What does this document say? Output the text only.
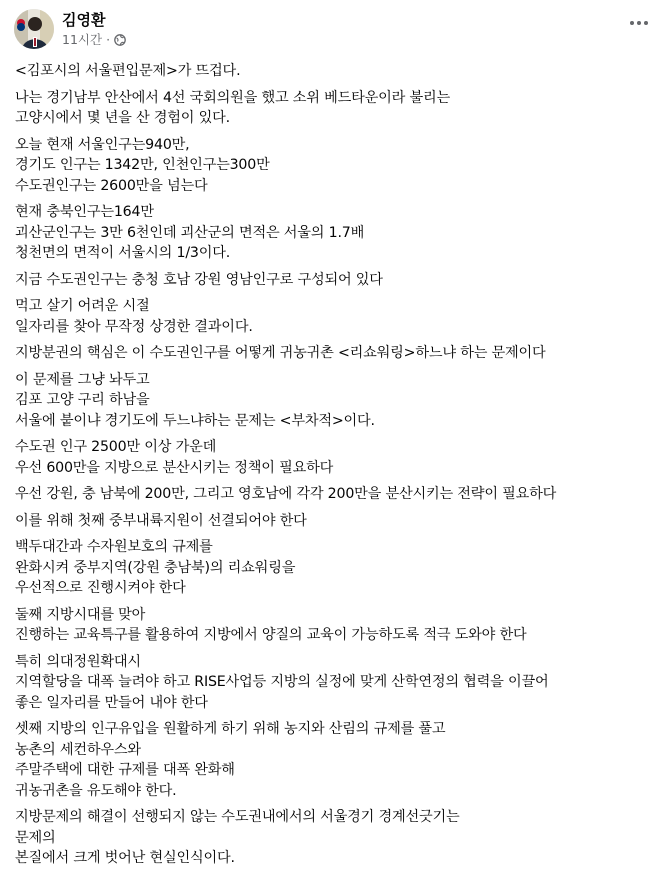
김영환
11시간 ·
<김포시의 서울편입문제>가 뜨겁다.
나는 경기남부 안산에서 4선 국회의원을 했고 소위 베드타운이라 불리는
고양시에서 몇 년을 산 경험이 있다.
오늘 현재 서울인구는940만,
경기도 인구는 1342만, 인천인구는300만
수도권인구는 2600만을 넘는다
현재 충북인구는164만
괴산군인구는 3만 6천인데 괴산군의 면적은 서울의 1.7배
청천면의 면적이 서울시의 1/3이다.
지금 수도권인구는 충청 호남 강원 영남인구로 구성되어 있다
먹고 살기 어려운 시절
일자리를 찾아 무작정 상경한 결과이다.
지방분권의 핵심은 이 수도권인구를 어떻게 귀농귀촌 <리쇼워링>하느냐 하는 문제이다
이 문제를 그냥 놔두고
김포 고양 구리 하남을
서울에 붙이냐 경기도에 두느냐하는 문제는 <부차적>이다.
수도권 인구 2500만 이상 가운데
우선 600만을 지방으로 분산시키는 정책이 필요하다
우선 강원, 충 남북에 200만, 그리고 영호남에 각각 200만을 분산시키는 전략이 필요하다
이를 위해 첫째 중부내륙지원이 선결되어야 한다
백두대간과 수자원보호의 규제를
완화시켜 중부지역(강원 충남북)의 리쇼워링을
우선적으로 진행시켜야 한다
둘째 지방시대를 맞아
진행하는 교육특구를 활용하여 지방에서 양질의 교육이 가능하도록 적극 도와야 한다
특히 의대정원확대시
지역할당을 대폭 늘려야 하고 RISE사업등 지방의 실정에 맞게 산학연정의 협력을 이끌어
좋은 일자리를 만들어 내야 한다
셋째 지방의 인구유입을 원활하게 하기 위해 농지와 산림의 규제를 풀고
농촌의 세컨하우스와
주말주택에 대한 규제를 대폭 완화해
귀농귀촌을 유도해야 한다.
지방문제의 해결이 선행되지 않는 수도권내에서의 서울경기 경계선긋기는
문제의
본질에서 크게 벗어난 현실인식이다.
